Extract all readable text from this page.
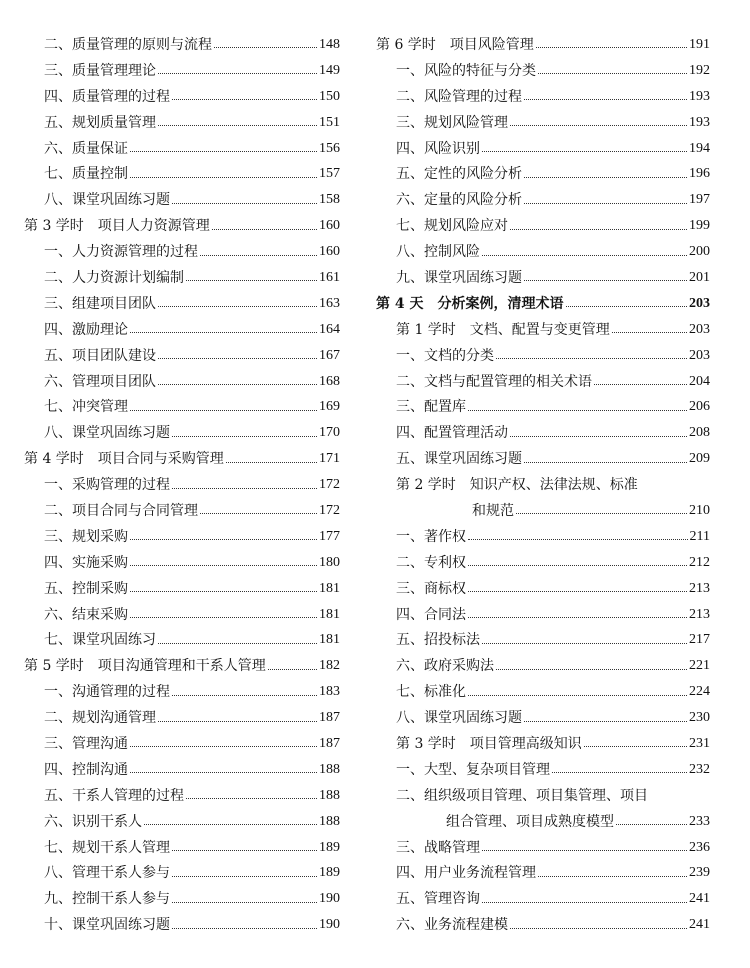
二、质量管理的原则与流程	148
三、质量管理理论	149
四、质量管理的过程	150
五、规划质量管理	151
六、质量保证	156
七、质量控制	157
八、课堂巩固练习题	158
第 3 学时　项目人力资源管理	160
一、人力资源管理的过程	160
二、人力资源计划编制	161
三、组建项目团队	163
四、激励理论	164
五、项目团队建设	167
六、管理项目团队	168
七、冲突管理	169
八、课堂巩固练习题	170
第 4 学时　项目合同与采购管理	171
一、采购管理的过程	172
二、项目合同与合同管理	172
三、规划采购	177
四、实施采购	180
五、控制采购	181
六、结束采购	181
七、课堂巩固练习	181
第 5 学时　项目沟通管理和干系人管理	182
一、沟通管理的过程	183
二、规划沟通管理	187
三、管理沟通	187
四、控制沟通	188
五、干系人管理的过程	188
六、识别干系人	188
七、规划干系人管理	189
八、管理干系人参与	189
九、控制干系人参与	190
十、课堂巩固练习题	190
第 6 学时　项目风险管理	191
一、风险的特征与分类	192
二、风险管理的过程	193
三、规划风险管理	193
四、风险识别	194
五、定性的风险分析	196
六、定量的风险分析	197
七、规划风险应对	199
八、控制风险	200
九、课堂巩固练习题	201
第 4 天　分析案例，清理术语	203
第 1 学时　文档、配置与变更管理	203
一、文档的分类	203
二、文档与配置管理的相关术语	204
三、配置库	206
四、配置管理活动	208
五、课堂巩固练习题	209
第 2 学时　知识产权、法律法规、标准
和规范	210
一、著作权	211
二、专利权	212
三、商标权	213
四、合同法	213
五、招投标法	217
六、政府采购法	221
七、标准化	224
八、课堂巩固练习题	230
第 3 学时　项目管理高级知识	231
一、大型、复杂项目管理	232
二、组织级项目管理、项目集管理、项目
组合管理、项目成熟度模型	233
三、战略管理	236
四、用户业务流程管理	239
五、管理咨询	241
六、业务流程建模	241
